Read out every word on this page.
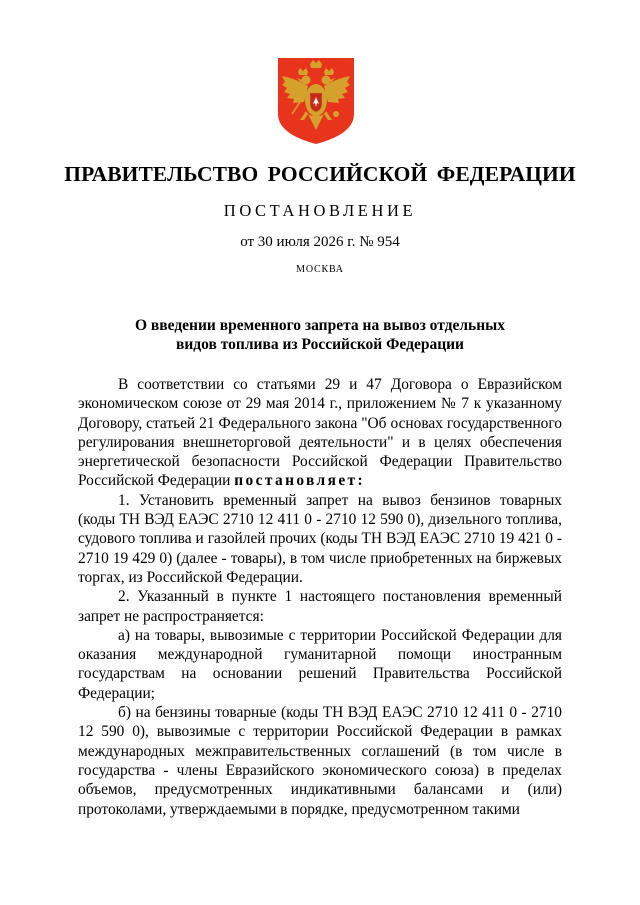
ПРАВИТЕЛЬСТВО РОССИЙСКОЙ ФЕДЕРАЦИИ
ПОСТАНОВЛЕНИЕ
от 30 июля 2026 г. № 954
МОСКВА
О введении временного запрета на вывоз отдельных
видов топлива из Российской Федерации

В соответствии со статьями 29 и 47 Договора о Евразийском экономическом союзе от 29 мая 2014 г., приложением № 7 к указанному Договору, статьей 21 Федерального закона "Об основах государственного регулирования внешнеторговой деятельности" и в целях обеспечения энергетической безопасности Российской Федерации Правительство Российской Федерации постановляет:

1. Установить временный запрет на вывоз бензинов товарных (коды ТН ВЭД ЕАЭС 2710 12 411 0 - 2710 12 590 0), дизельного топлива, судового топлива и газойлей прочих (коды ТН ВЭД ЕАЭС 2710 19 421 0 - 2710 19 429 0) (далее - товары), в том числе приобретенных на биржевых торгах, из Российской Федерации.

2. Указанный в пункте 1 настоящего постановления временный запрет не распространяется:

а) на товары, вывозимые с территории Российской Федерации для оказания международной гуманитарной помощи иностранным государствам на основании решений Правительства Российской Федерации;

б) на бензины товарные (коды ТН ВЭД ЕАЭС 2710 12 411 0 - 2710 12 590 0), вывозимые с территории Российской Федерации в рамках международных межправительственных соглашений (в том числе в государства - члены Евразийского экономического союза) в пределах объемов, предусмотренных индикативными балансами и (или) протоколами, утверждаемыми в порядке, предусмотренном такими
